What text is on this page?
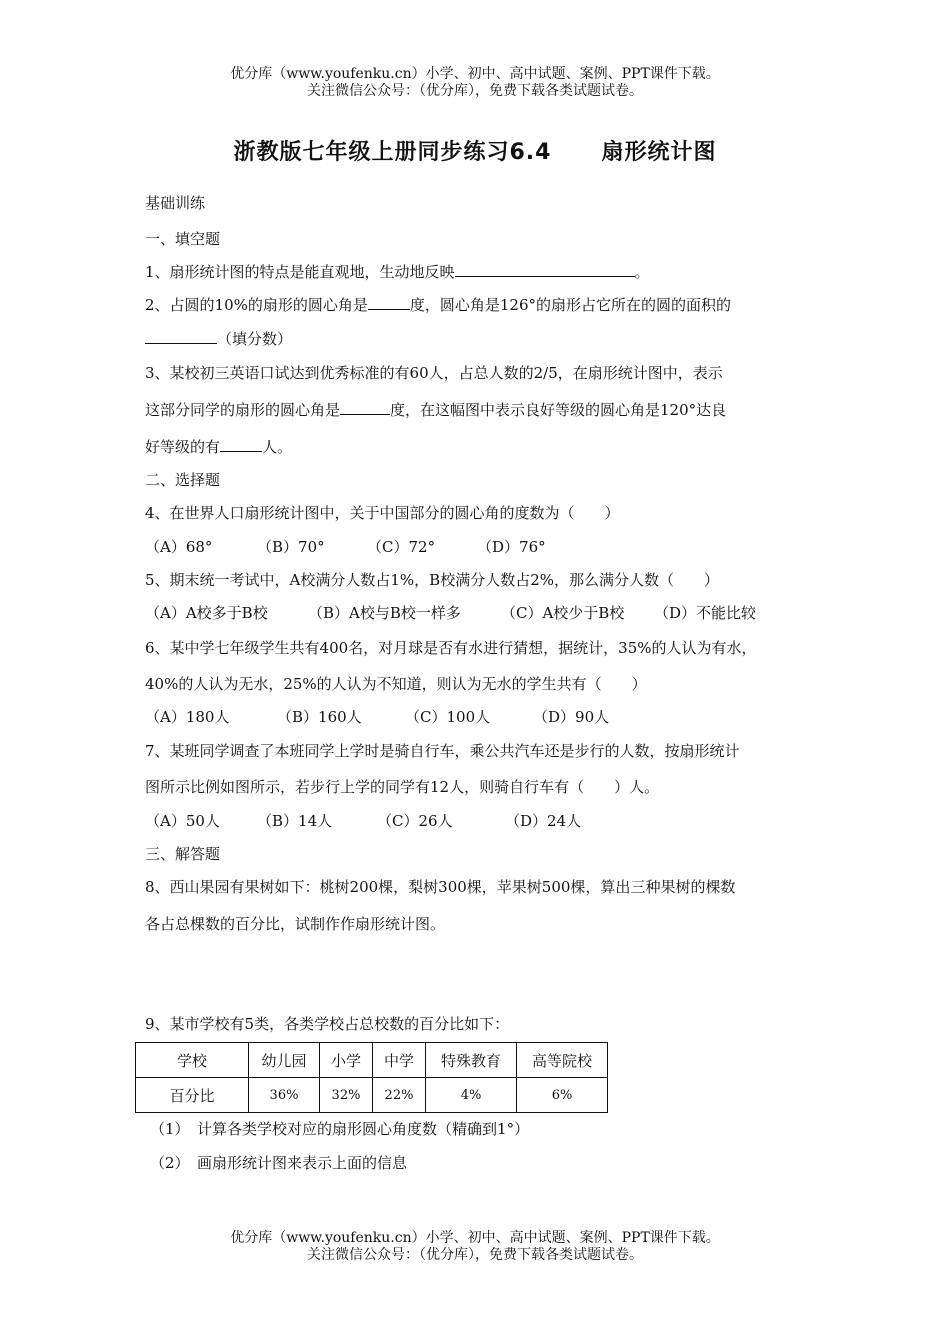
优分库（www.youfenku.cn）小学、初中、高中试题、案例、PPT课件下载。
关注微信公众号：（优分库），免费下载各类试题试卷。
浙教版七年级上册同步练习6.4 扇形统计图
基础训练
一、填空题
1、扇形统计图的特点是能直观地，生动地反映	。
2、占圆的10%的扇形的圆心角是	度，圆心角是126°的扇形占它所在的圆的面积的
（填分数）
3、某校初三英语口试达到优秀标准的有60人，占总人数的2/5，在扇形统计图中，表示
这部分同学的扇形的圆心角是	度，在这幅图中表示良好等级的圆心角是120°达良
好等级的有	人。
二、选择题
4、在世界人口扇形统计图中，关于中国部分的圆心角的度数为（　　）
（A）68°	（B）70°	（C）72°	（D）76°
5、期末统一考试中，A校满分人数占1%，B校满分人数占2%，那么满分人数（　　）
（A）A校多于B校	（B）A校与B校一样多	（C）A校少于B校 （D）不能比较
6、某中学七年级学生共有400名，对月球是否有水进行猜想，据统计，35%的人认为有水，
40%的人认为无水，25%的人认为不知道，则认为无水的学生共有（　　）
（A）180人	（B）160人	（C）100人	（D）90人
7、某班同学调查了本班同学上学时是骑自行车，乘公共汽车还是步行的人数，按扇形统计
图所示比例如图所示，若步行上学的同学有12人，则骑自行车有（　　）人。
（A）50人 （B）14人	（C）26人	（D）24人
三、解答题
8、西山果园有果树如下：桃树200棵，梨树300棵，苹果树500棵，算出三种果树的棵数
各占总棵数的百分比，试制作作扇形统计图。
9、某市学校有5类，各类学校占总校数的百分比如下：
学校	幼儿园	小学	中学	特殊教育	高等院校
百分比	36%	32%	22%	4%	6%
（1）　计算各类学校对应的扇形圆心角度数（精确到1°）
（2）　画扇形统计图来表示上面的信息
优分库（www.youfenku.cn）小学、初中、高中试题、案例、PPT课件下载。
关注微信公众号：（优分库），免费下载各类试题试卷。
